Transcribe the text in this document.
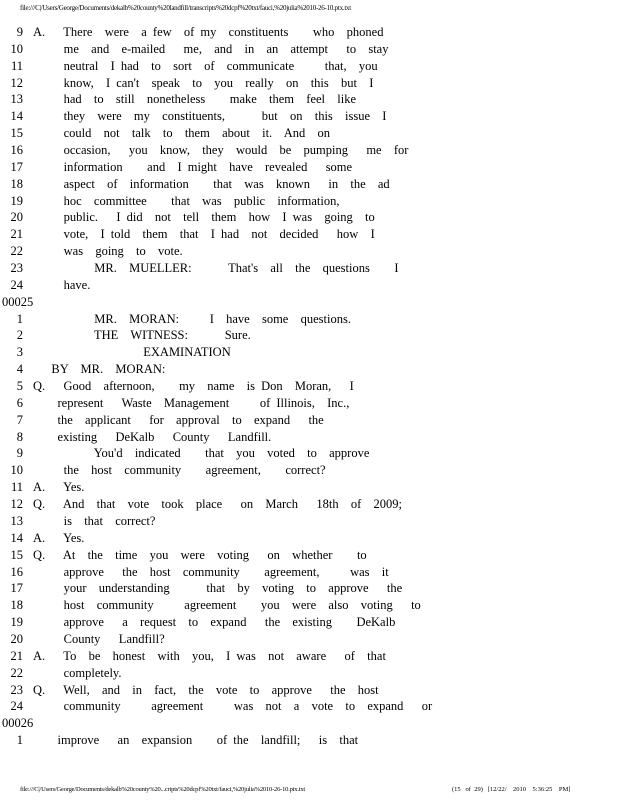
file:///C|/Users/George/Documents/dekalb%20county%20landfill/transcripts%20dcpf%20txt/fauci,%20julia%2010-26-10.ptx.txt
9 A.   There  were  a few  of my  constituents    who  phoned
10 me  and  e-mailed   me,  and  in  an  attempt   to  stay
11 neutral  I had  to  sort  of  communicate     that,  you
12 know,  I can't  speak  to  you  really  on  this  but  I
13 had  to  still  nonetheless    make  them  feel  like
14 they  were  my  constituents,      but  on  this  issue  I
15 could  not  talk  to  them  about  it.  And  on
16 occasion,   you  know,  they  would  be  pumping   me  for
17 information    and  I might  have  revealed   some
18 aspect  of  information    that  was  known   in  the  ad
19 hoc  committee    that  was  public  information,
20 public.   I did  not  tell  them  how  I was  going  to
21 vote,  I told  them  that  I had  not  decided   how  I
22 was  going  to  vote.
23 MR.  MUELLER:      That's  all  the  questions    I
24 have.
00025
1 MR.  MORAN:     I  have  some  questions.
2 THE  WITNESS:      Sure.
3 EXAMINATION
4 BY  MR.  MORAN:
5 Q.   Good  afternoon,    my  name  is Don  Moran,   I
6 represent   Waste  Management     of Illinois,  Inc.,
7 the  applicant   for  approval  to  expand   the
8 existing   DeKalb   County   Landfill.
9 You'd  indicated    that  you  voted  to  approve
10 the  host  community    agreement,    correct?
11 A.   Yes.
12 Q.   And  that  vote  took  place   on  March   18th  of  2009;
13 is  that  correct?
14 A.   Yes.
15 Q.   At  the  time  you  were  voting   on  whether    to
16 approve   the  host  community    agreement,     was  it
17 your  understanding      that  by  voting  to  approve   the
18 host  community     agreement    you  were  also  voting   to
19 approve   a  request  to  expand   the  existing    DeKalb
20 County   Landfill?
21 A.   To  be  honest  with  you,  I was  not  aware   of  that
22 completely.
23 Q.   Well,  and  in  fact,  the  vote  to  approve   the  host
24 community     agreement     was  not  a  vote  to  expand   or
00026
1 improve   an  expansion    of the  landfill;   is  that
file:///C|/Users/George/Documents/dekalb%20county%20...cripts%20dcpf%20txt/fauci,%20julia%2010-26-10.ptx.txt	(15   of  29)   [12/22/    2010    5:36:25    PM]
